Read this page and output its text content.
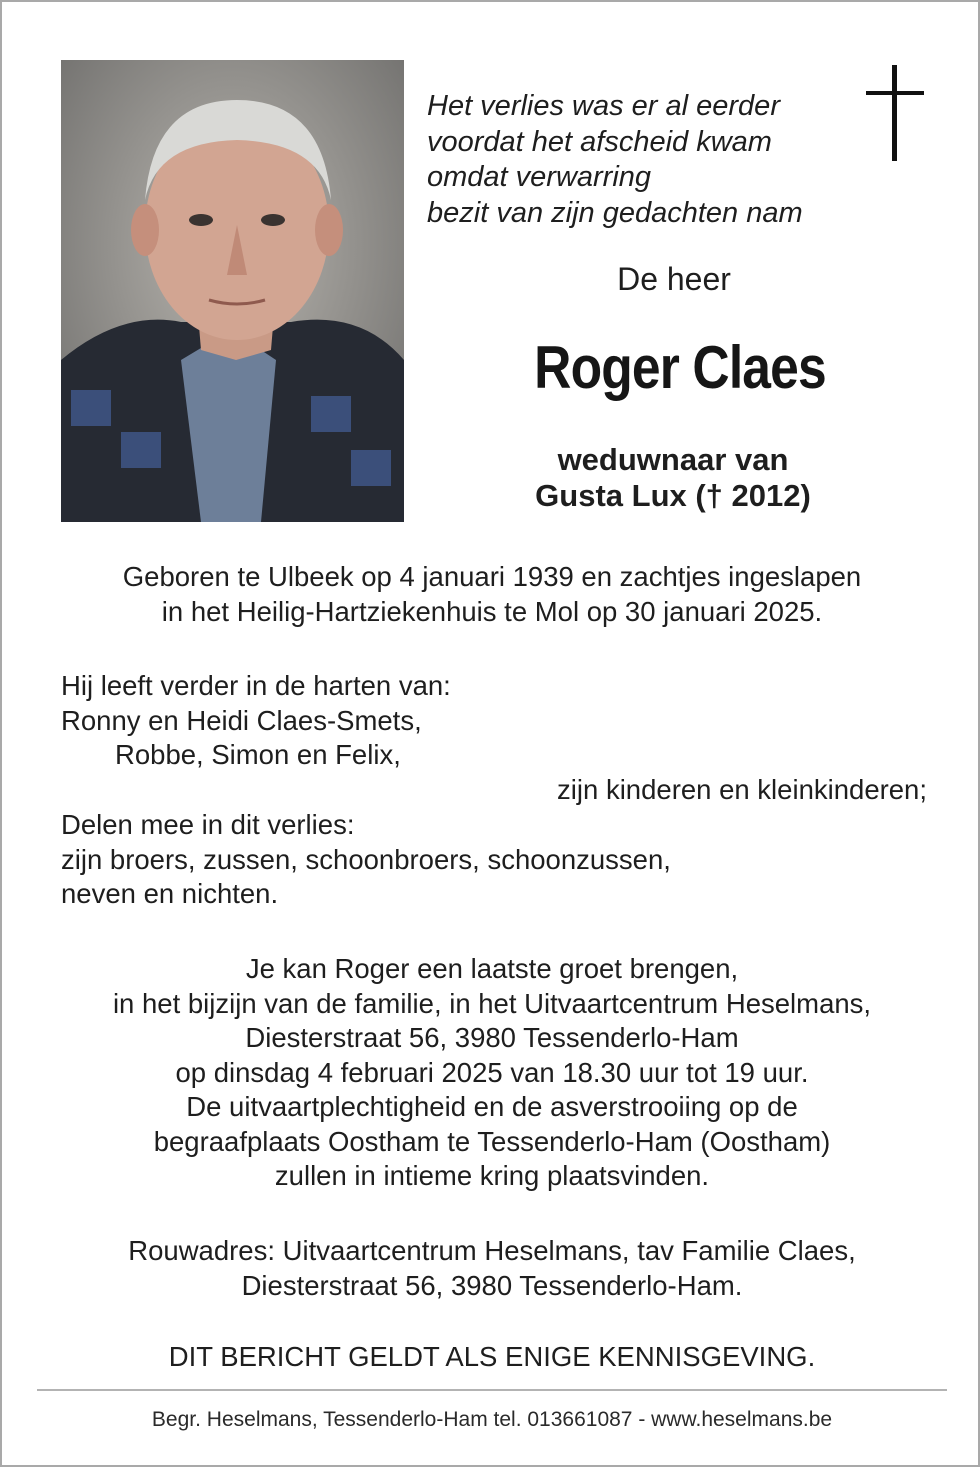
Het verlies was er al eerder
voordat het afscheid kwam
omdat verwarring
bezit van zijn gedachten nam
De heer
Roger Claes
weduwnaar van
Gusta Lux († 2012)
Geboren te Ulbeek op 4 januari 1939 en zachtjes ingeslapen
in het Heilig-Hartziekenhuis te Mol op 30 januari 2025.
Hij leeft verder in de harten van:
Ronny en Heidi Claes-Smets,
Robbe, Simon en Felix,
zijn kinderen en kleinkinderen;
Delen mee in dit verlies:
zijn broers, zussen, schoonbroers, schoonzussen,
neven en nichten.
Je kan Roger een laatste groet brengen,
in het bijzijn van de familie, in het Uitvaartcentrum Heselmans,
Diesterstraat 56, 3980 Tessenderlo-Ham
op dinsdag 4 februari 2025 van 18.30 uur tot 19 uur.
De uitvaartplechtigheid en de asverstrooiing op de
begraafplaats Oostham te Tessenderlo-Ham (Oostham)
zullen in intieme kring plaatsvinden.
Rouwadres: Uitvaartcentrum Heselmans, tav Familie Claes,
Diesterstraat 56, 3980 Tessenderlo-Ham.
DIT BERICHT GELDT ALS ENIGE KENNISGEVING.
Begr. Heselmans, Tessenderlo-Ham tel. 013661087 - www.heselmans.be
